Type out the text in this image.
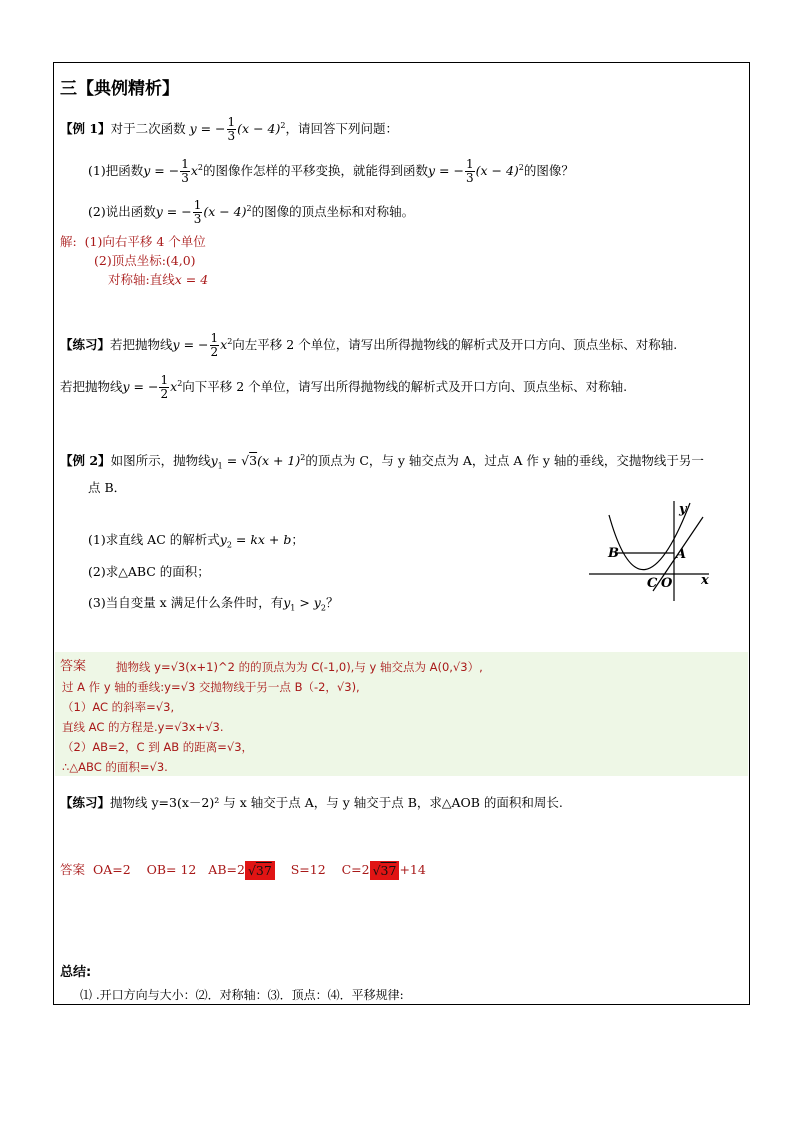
三【典例精析】
【例 1】对于二次函数 y = − $\frac{1}{3} (x - 4)^2$，请回答下列问题：
(1)把函数y = − $\frac{1}{3} x^2$的图像作怎样的平移变换，就能得到函数y = − $\frac{1}{3} (x - 4)^2$的图像？
(2)说出函数y = − $\frac{1}{3} (x - 4)^2$的图像的顶点坐标和对称轴。
解: (1)向右平移 4 个单位
(2)顶点坐标:(4,0)
对称轴:直线x = 4
【练习】若把抛物线y = − $\frac{1}{2} x^2$向左平移 2 个单位，请写出所得抛物线的解析式及开口方向、顶点坐标、对称轴.
若把抛物线y = − $\frac{1}{2} x^2$向下平移 2 个单位，请写出所得抛物线的解析式及开口方向、顶点坐标、对称轴.
【例 2】如图所示，抛物线$y_1 = √3(x + 1)^2$的顶点为 C，与 y 轴交点为 A，过点 A 作 y 轴的垂线，交抛物线于另一
点 B．
(1)求直线 AC 的解析式$y_2$ = kx + b；
(2)求△ABC 的面积；
(3)当自变量 x 满足什么条件时，有$y_1 > y_2$？
y
x
B	A
C O
答案	抛物线 y=√3(x+1)^2 的的顶点为为 C(-1,0),与 y 轴交点为 A(0,√3）,
过 A 作 y 轴的垂线:y=√3 交抛物线于另一点 B（-2，√3),
（1）AC 的斜率=√3,
直线 AC 的方程是.y=√3x+√3.
（2）AB=2，C 到 AB 的距离=√3，
∴△ABC 的面积=√3.
【练习】抛物线 y=3(x－2)² 与 x 轴交于点 A，与 y 轴交于点 B，求△AOB 的面积和周长.
答案 OA=2 OB= 12 AB=2 √37 S=12 C=2 √37 +14
总结:
⑴ .开口方向与大小：⑵．对称轴：⑶．顶点：⑷．平移规律:
